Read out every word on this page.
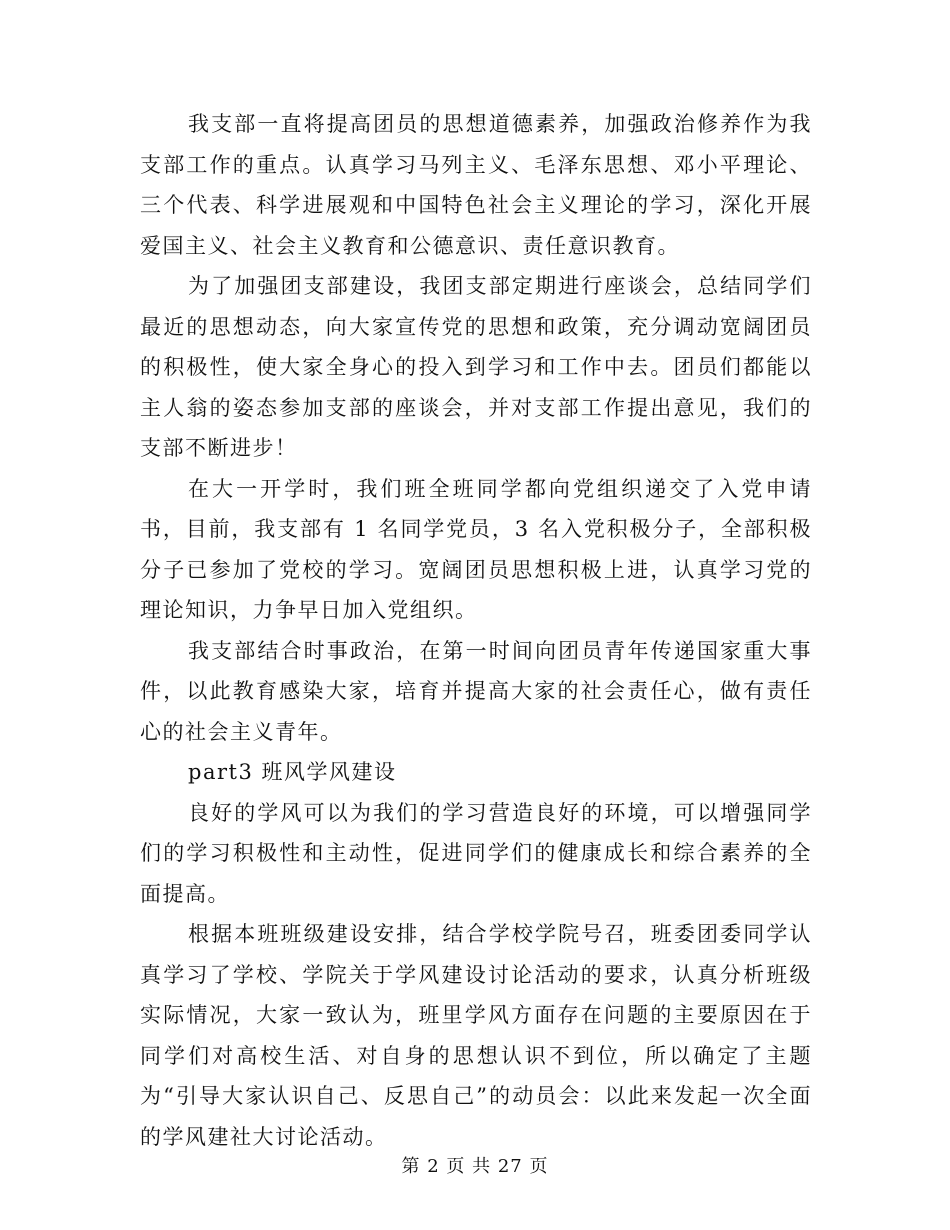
我支部一直将提高团员的思想道德素养，加强政治修养作为我支部工作的重点。认真学习马列主义、毛泽东思想、邓小平理论、三个代表、科学进展观和中国特色社会主义理论的学习，深化开展爱国主义、社会主义教育和公德意识、责任意识教育。

为了加强团支部建设，我团支部定期进行座谈会，总结同学们最近的思想动态，向大家宣传党的思想和政策，充分调动宽阔团员的积极性，使大家全身心的投入到学习和工作中去。团员们都能以主人翁的姿态参加支部的座谈会，并对支部工作提出意见，我们的支部不断进步！

在大一开学时，我们班全班同学都向党组织递交了入党申请书，目前，我支部有 1 名同学党员，3 名入党积极分子，全部积极分子已参加了党校的学习。宽阔团员思想积极上进，认真学习党的理论知识，力争早日加入党组织。

我支部结合时事政治，在第一时间向团员青年传递国家重大事件，以此教育感染大家，培育并提高大家的社会责任心，做有责任心的社会主义青年。

part3 班风学风建设

良好的学风可以为我们的学习营造良好的环境，可以增强同学们的学习积极性和主动性，促进同学们的健康成长和综合素养的全面提高。

根据本班班级建设安排，结合学校学院号召，班委团委同学认真学习了学校、学院关于学风建设讨论活动的要求，认真分析班级实际情况，大家一致认为，班里学风方面存在问题的主要原因在于同学们对高校生活、对自身的思想认识不到位，所以确定了主题为“引导大家认识自己、反思自己”的动员会：以此来发起一次全面的学风建社大讨论活动。

第 2 页 共 27 页
